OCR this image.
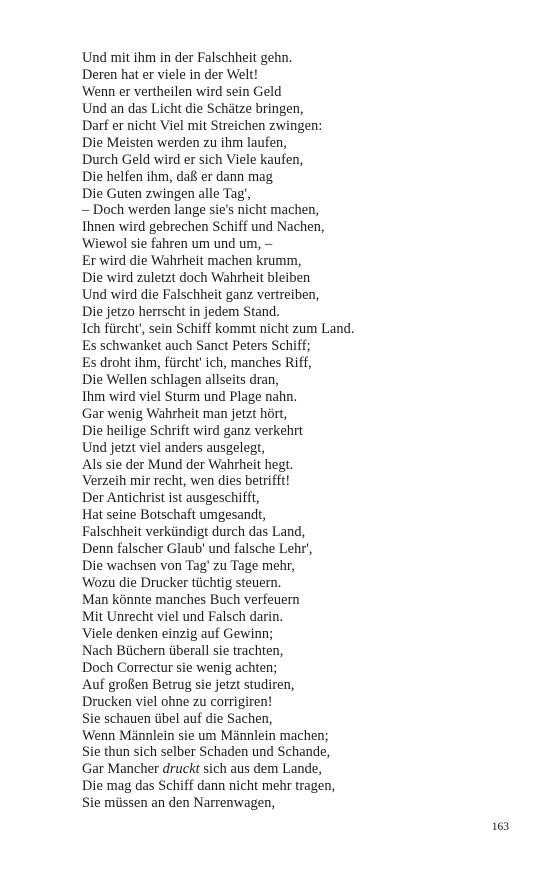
Und mit ihm in der Falschheit gehn.
Deren hat er viele in der Welt!
Wenn er vertheilen wird sein Geld
Und an das Licht die Schätze bringen,
Darf er nicht Viel mit Streichen zwingen:
Die Meisten werden zu ihm laufen,
Durch Geld wird er sich Viele kaufen,
Die helfen ihm, daß er dann mag
Die Guten zwingen alle Tag',
– Doch werden lange sie's nicht machen,
Ihnen wird gebrechen Schiff und Nachen,
Wiewol sie fahren um und um, –
Er wird die Wahrheit machen krumm,
Die wird zuletzt doch Wahrheit bleiben
Und wird die Falschheit ganz vertreiben,
Die jetzo herrscht in jedem Stand.
Ich fürcht', sein Schiff kommt nicht zum Land.
Es schwanket auch Sanct Peters Schiff;
Es droht ihm, fürcht' ich, manches Riff,
Die Wellen schlagen allseits dran,
Ihm wird viel Sturm und Plage nahn.
Gar wenig Wahrheit man jetzt hört,
Die heilige Schrift wird ganz verkehrt
Und jetzt viel anders ausgelegt,
Als sie der Mund der Wahrheit hegt.
Verzeih mir recht, wen dies betrifft!
Der Antichrist ist ausgeschifft,
Hat seine Botschaft umgesandt,
Falschheit verkündigt durch das Land,
Denn falscher Glaub' und falsche Lehr',
Die wachsen von Tag' zu Tage mehr,
Wozu die Drucker tüchtig steuern.
Man könnte manches Buch verfeuern
Mit Unrecht viel und Falsch darin.
Viele denken einzig auf Gewinn;
Nach Büchern überall sie trachten,
Doch Correctur sie wenig achten;
Auf großen Betrug sie jetzt studiren,
Drucken viel ohne zu corrigiren!
Sie schauen übel auf die Sachen,
Wenn Männlein sie um Männlein machen;
Sie thun sich selber Schaden und Schande,
Gar Mancher druckt sich aus dem Lande,
Die mag das Schiff dann nicht mehr tragen,
Sie müssen an den Narrenwagen,
163
